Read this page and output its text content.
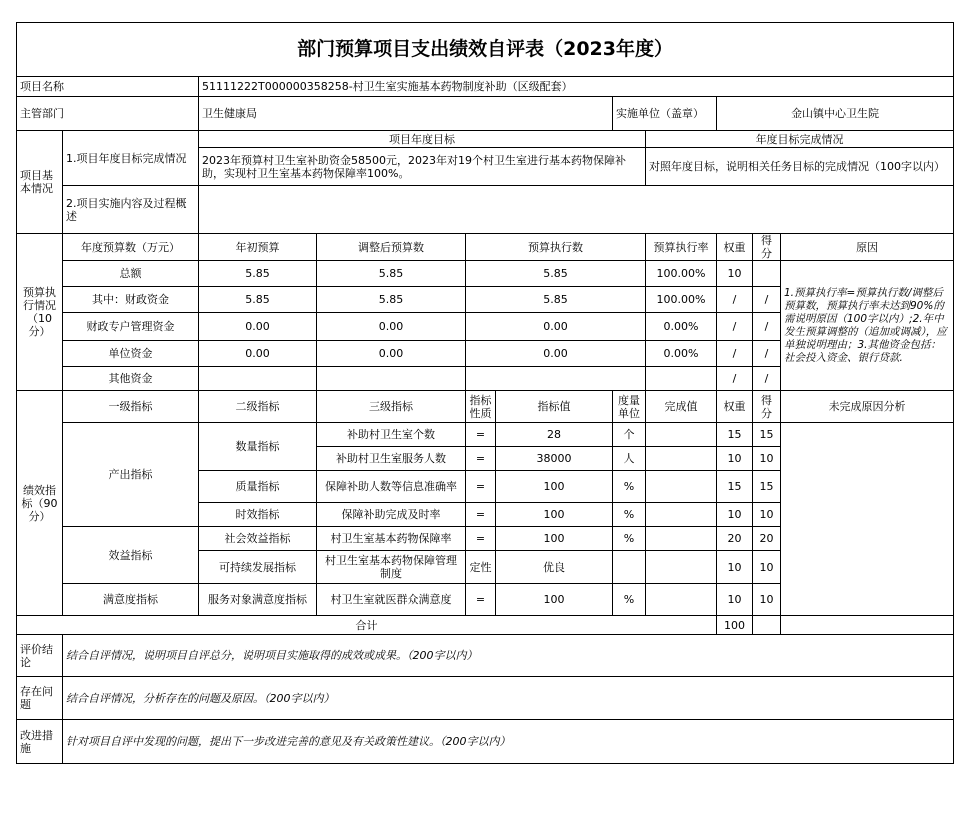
部门预算项目支出绩效自评表（2023年度）										
项目名称		51111222T000000358258-村卫生室实施基本药物制度补助（区级配套）								
主管部门		卫生健康局				实施单位（盖章）		金山镇中心卫生院		
项目基本情况	1.项目年度目标完成情况	项目年度目标					年度目标完成情况			
		2023年预算村卫生室补助资金58500元，2023年对19个村卫生室进行基本药物保障补助，实现村卫生室基本药物保障率100%。					对照年度目标，说明相关任务目标的完成情况（100字以内）			
	2.项目实施内容及过程概述									

预算执行情况（10分）	年度预算数（万元）	年初预算	调整后预算数	预算执行数			预算执行率	权重	得分	原因
	总额	5.85	5.85	5.85			100.00%	10		1.预算执行率=预算执行数/调整后预算数，预算执行率未达到90%的需说明原因（100字以内）;2.年中发生预算调整的（追加或调减），应单独说明理由；3.其他资金包括：社会投入资金、银行贷款.
	其中：财政资金	5.85	5.85	5.85			100.00%	/	/	
	财政专户管理资金	0.00	0.00	0.00			0.00%	/	/	
	单位资金	0.00	0.00	0.00			0.00%	/	/	
	其他资金							/	/	
绩效指标（90分）	一级指标	二级指标	三级指标	指标性质	指标值	度量单位	完成值	权重	得分	未完成原因分析
	产出指标	数量指标	补助村卫生室个数	=	28	个		15	15	
			补助村卫生室服务人数	=	38000	人		10	10	
		质量指标	保障补助人数等信息准确率	=	100	%		15	15	
		时效指标	保障补助完成及时率	=	100	%		10	10	
	效益指标	社会效益指标	村卫生室基本药物保障率	=	100	%		20	20	
		可持续发展指标	村卫生室基本药物保障管理制度	定性	优良			10	10	
	满意度指标	服务对象满意度指标	村卫生室就医群众满意度	=	100	%		10	10	
合计								100		
评价结论	结合自评情况，说明项目自评总分，说明项目实施取得的成效或成果。（200字以内）									
存在问题	结合自评情况，分析存在的问题及原因。（200字以内）									
改进措施	针对项目自评中发现的问题，提出下一步改进完善的意见及有关政策性建议。（200字以内）									
